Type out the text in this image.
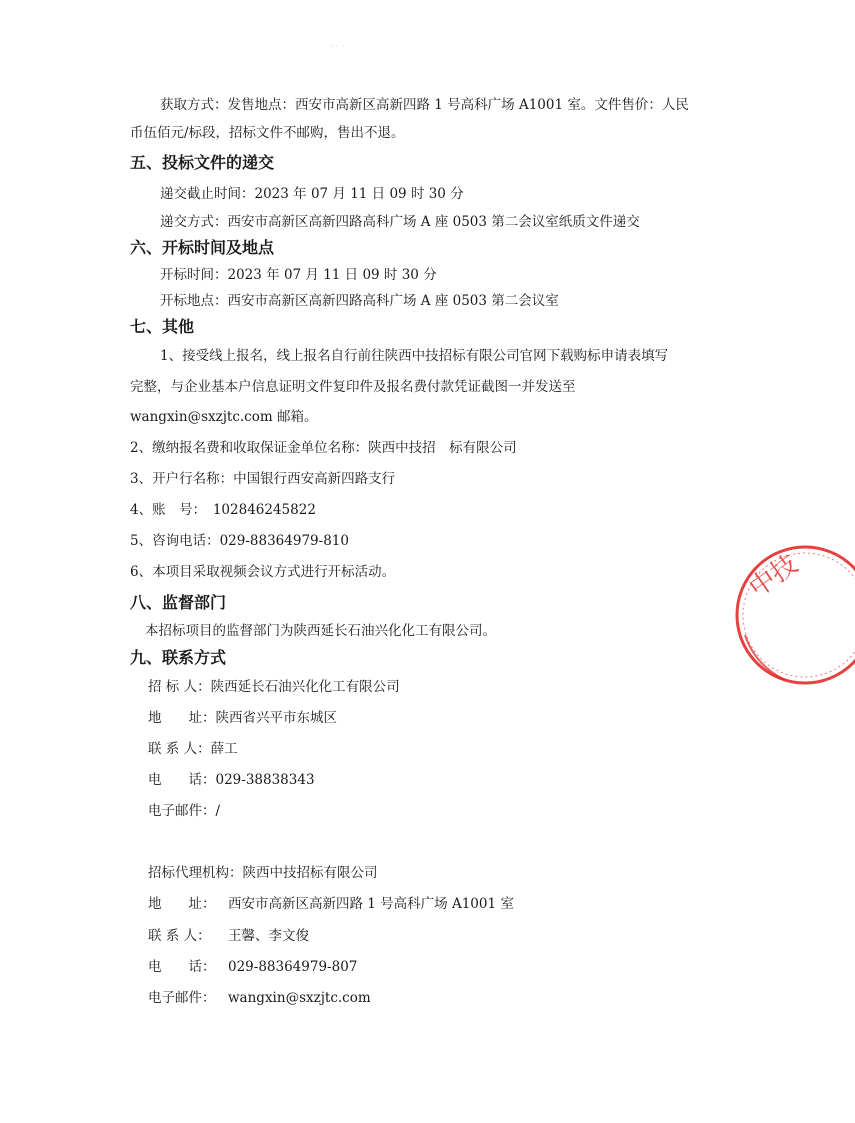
· · ·
获取方式：发售地点：西安市高新区高新四路 1 号高科广场 A1001 室。文件售价：人民
币伍佰元/标段，招标文件不邮购，售出不退。
五、投标文件的递交
递交截止时间：2023 年 07 月 11 日 09 时 30 分
递交方式：西安市高新区高新四路高科广场 A 座 0503 第二会议室纸质文件递交
六、开标时间及地点
开标时间：2023 年 07 月 11 日 09 时 30 分
开标地点：西安市高新区高新四路高科广场 A 座 0503 第二会议室
七、其他
1、接受线上报名，线上报名自行前往陕西中技招标有限公司官网下载购标申请表填写
完整，与企业基本户信息证明文件复印件及报名费付款凭证截图一并发送至
wangxin@sxzjtc.com 邮箱。
2、缴纳报名费和收取保证金单位名称：陕西中技招　标有限公司
3、开户行名称：中国银行西安高新四路支行
4、账　号：　102846245822
5、咨询电话：029-88364979-810
6、本项目采取视频会议方式进行开标活动。
八、监督部门
本招标项目的监督部门为陕西延长石油兴化化工有限公司。
九、联系方式
招 标 人：陕西延长石油兴化化工有限公司
地　　址：陕西省兴平市东城区
联 系 人：薛工
电　　话：029-38838343
电子邮件：/
招标代理机构：陕西中技招标有限公司
地　　址： 西安市高新区高新四路 1 号高科广场 A1001 室
联 系 人： 王馨、李文俊
电　　话： 029-88364979-807
电子邮件： wangxin@sxzjtc.com
中技
